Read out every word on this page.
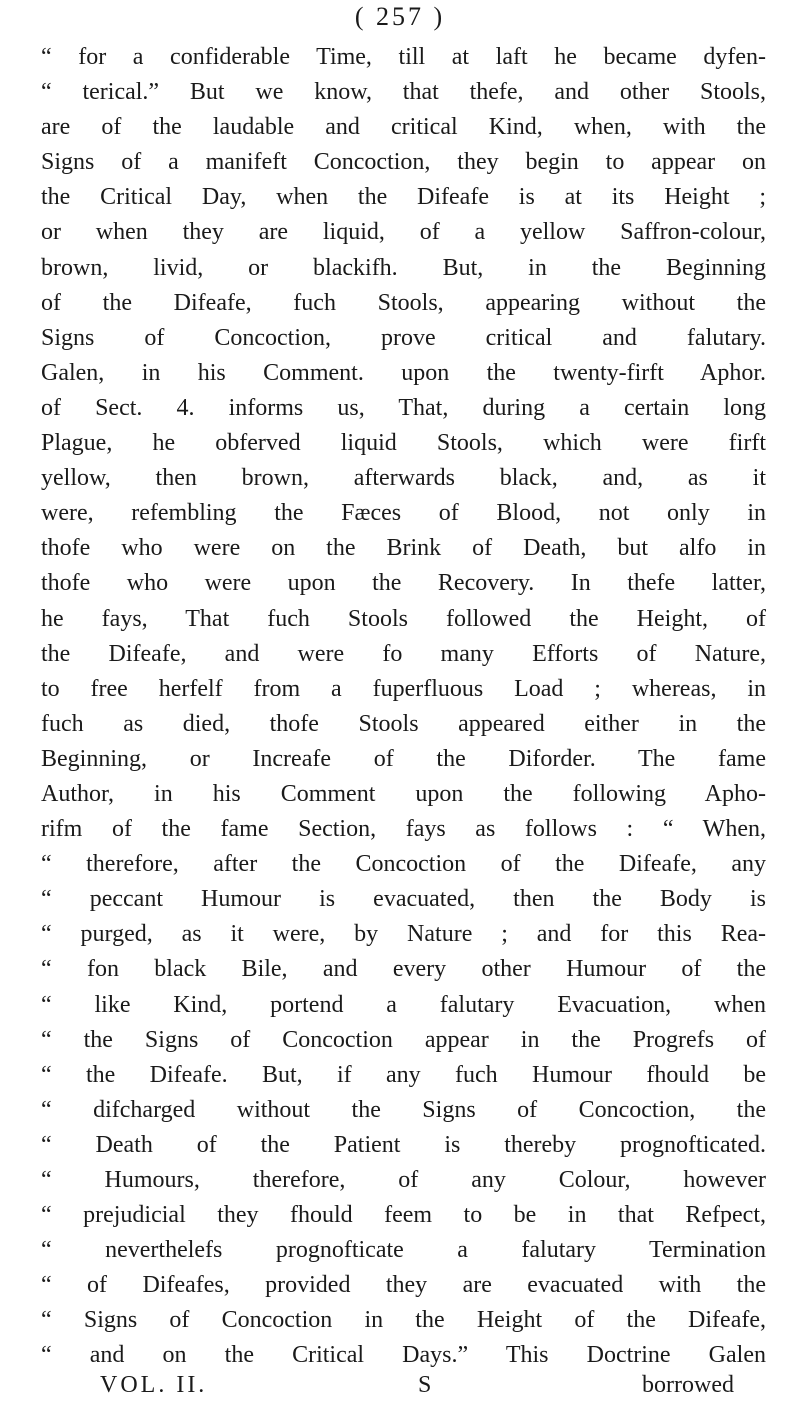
( 257 )
“ for a confiderable Time, till at laft he became dyfen-
“ terical.” But we know, that thefe, and other Stools,
are of the laudable and critical Kind, when, with the
Signs of a manifeft Concoction, they begin to appear on
the Critical Day, when the Difeafe is at its Height ;
or when they are liquid, of a yellow Saffron-colour,
brown, livid, or blackifh. But, in the Beginning
of the Difeafe, fuch Stools, appearing without the
Signs of Concoction, prove critical and falutary.
Galen, in his Comment. upon the twenty-firft Aphor.
of Sect. 4. informs us, That, during a certain long
Plague, he obferved liquid Stools, which were firft
yellow, then brown, afterwards black, and, as it
were, refembling the Fæces of Blood, not only in
thofe who were on the Brink of Death, but alfo in
thofe who were upon the Recovery. In thefe latter,
he fays, That fuch Stools followed the Height, of
the Difeafe, and were fo many Efforts of Nature,
to free herfelf from a fuperfluous Load ; whereas, in
fuch as died, thofe Stools appeared either in the
Beginning, or Increafe of the Diforder. The fame
Author, in his Comment upon the following Apho-
rifm of the fame Section, fays as follows : “ When,
“ therefore, after the Concoction of the Difeafe, any
“ peccant Humour is evacuated, then the Body is
“ purged, as it were, by Nature ; and for this Rea-
“ fon black Bile, and every other Humour of the
“ like Kind, portend a falutary Evacuation, when
“ the Signs of Concoction appear in the Progrefs of
“ the Difeafe. But, if any fuch Humour fhould be
“ difcharged without the Signs of Concoction, the
“ Death of the Patient is thereby prognofticated.
“ Humours, therefore, of any Colour, however
“ prejudicial they fhould feem to be in that Refpect,
“ neverthelefs prognofticate a falutary Termination
“ of Difeafes, provided they are evacuated with the
“ Signs of Concoction in the Height of the Difeafe,
“ and on the Critical Days.” This Doctrine Galen
VOL. II.	S	borrowed
